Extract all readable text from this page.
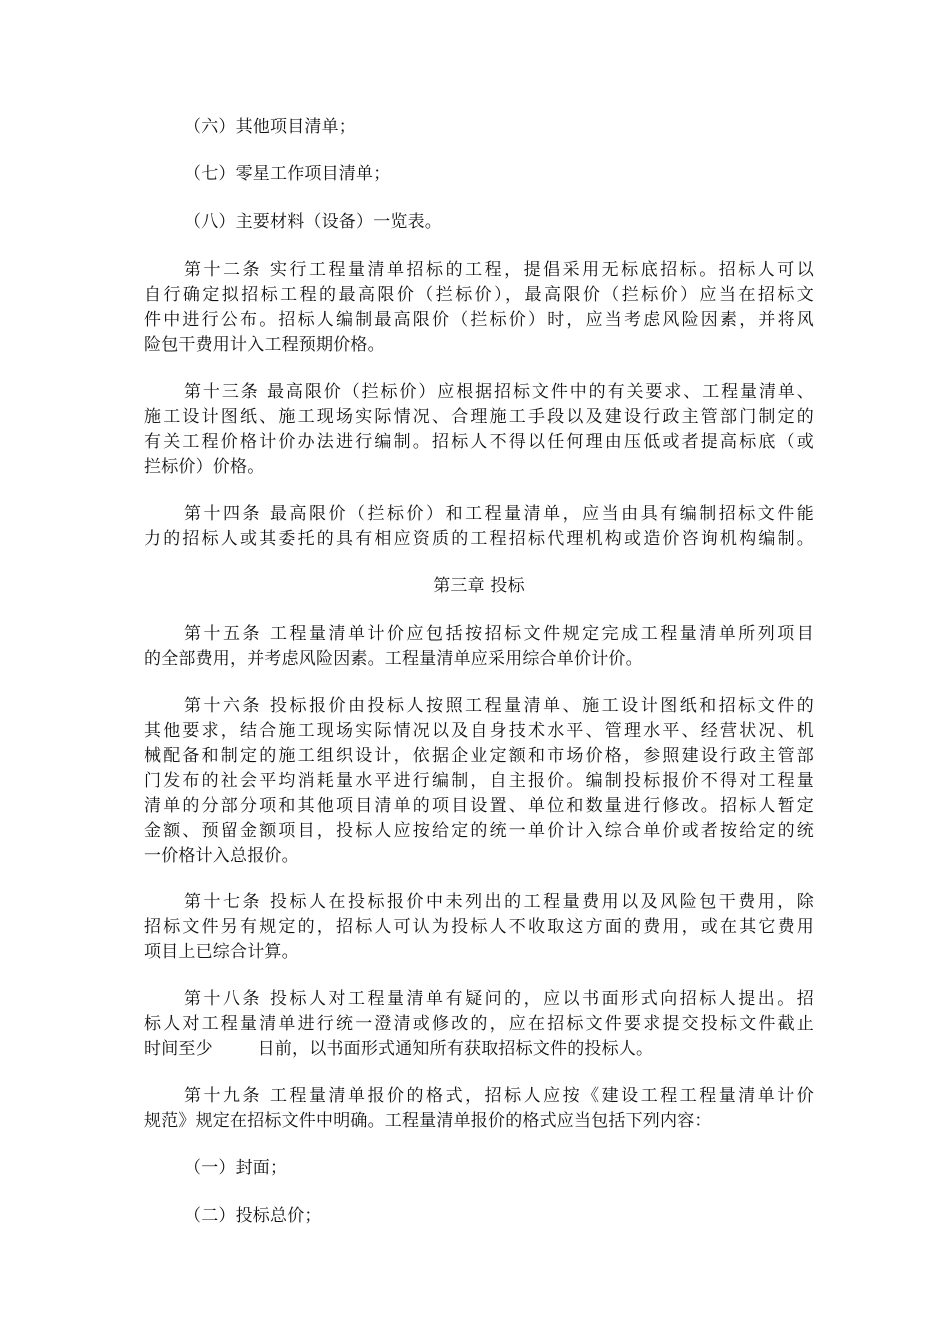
（六）其他项目清单；
（七）零星工作项目清单；
（八）主要材料（设备）一览表。
第十二条 实行工程量清单招标的工程，提倡采用无标底招标。招标人可以
自行确定拟招标工程的最高限价（拦标价），最高限价（拦标价）应当在招标文
件中进行公布。招标人编制最高限价（拦标价）时，应当考虑风险因素，并将风
险包干费用计入工程预期价格。
第十三条 最高限价（拦标价）应根据招标文件中的有关要求、工程量清单、
施工设计图纸、施工现场实际情况、合理施工手段以及建设行政主管部门制定的
有关工程价格计价办法进行编制。招标人不得以任何理由压低或者提高标底（或
拦标价）价格。
第十四条 最高限价（拦标价）和工程量清单，应当由具有编制招标文件能
力的招标人或其委托的具有相应资质的工程招标代理机构或造价咨询机构编制。
第三章 投标
第十五条 工程量清单计价应包括按招标文件规定完成工程量清单所列项目
的全部费用，并考虑风险因素。工程量清单应采用综合单价计价。
第十六条 投标报价由投标人按照工程量清单、施工设计图纸和招标文件的
其他要求，结合施工现场实际情况以及自身技术水平、管理水平、经营状况、机
械配备和制定的施工组织设计，依据企业定额和市场价格，参照建设行政主管部
门发布的社会平均消耗量水平进行编制，自主报价。编制投标报价不得对工程量
清单的分部分项和其他项目清单的项目设置、单位和数量进行修改。招标人暂定
金额、预留金额项目，投标人应按给定的统一单价计入综合单价或者按给定的统
一价格计入总报价。
第十七条 投标人在投标报价中未列出的工程量费用以及风险包干费用，除
招标文件另有规定的，招标人可认为投标人不收取这方面的费用，或在其它费用
项目上已综合计算。
第十八条 投标人对工程量清单有疑问的，应以书面形式向招标人提出。招
标人对工程量清单进行统一澄清或修改的，应在招标文件要求提交投标文件截止
时间至少        日前，以书面形式通知所有获取招标文件的投标人。
第十九条 工程量清单报价的格式，招标人应按《建设工程工程量清单计价
规范》规定在招标文件中明确。工程量清单报价的格式应当包括下列内容：
（一）封面；
（二）投标总价；
